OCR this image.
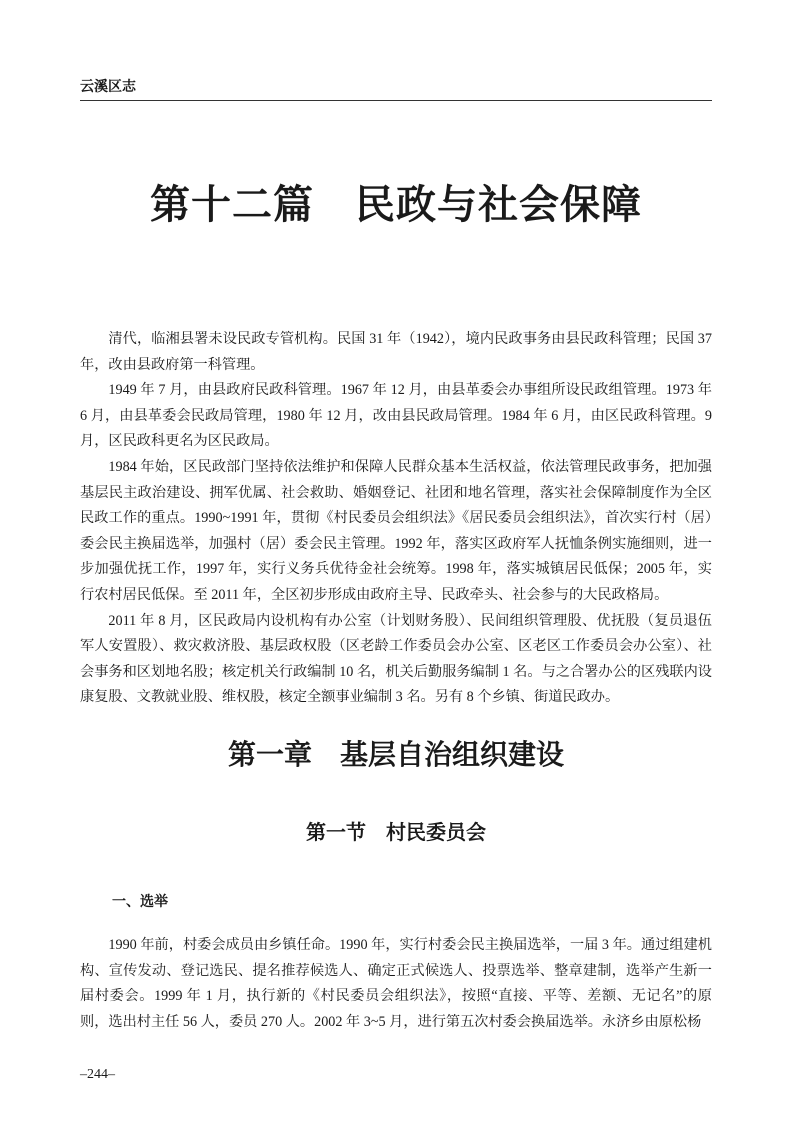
云溪区志
第十二篇　民政与社会保障

清代，临湘县署未设民政专管机构。民国 31 年（1942），境内民政事务由县民政科管理；民国 37 年，改由县政府第一科管理。

1949 年 7 月，由县政府民政科管理。1967 年 12 月，由县革委会办事组所设民政组管理。1973 年 6 月，由县革委会民政局管理，1980 年 12 月，改由县民政局管理。1984 年 6 月，由区民政科管理。9 月，区民政科更名为区民政局。

1984 年始，区民政部门坚持依法维护和保障人民群众基本生活权益，依法管理民政事务，把加强基层民主政治建设、拥军优属、社会救助、婚姻登记、社团和地名管理，落实社会保障制度作为全区民政工作的重点。1990~1991 年，贯彻《村民委员会组织法》《居民委员会组织法》，首次实行村（居）委会民主换届选举，加强村（居）委会民主管理。1992 年，落实区政府军人抚恤条例实施细则，进一步加强优抚工作，1997 年，实行义务兵优待金社会统筹。1998 年，落实城镇居民低保；2005 年，实行农村居民低保。至 2011 年，全区初步形成由政府主导、民政牵头、社会参与的大民政格局。

2011 年 8 月，区民政局内设机构有办公室（计划财务股）、民间组织管理股、优抚股（复员退伍军人安置股）、救灾救济股、基层政权股（区老龄工作委员会办公室、区老区工作委员会办公室）、社会事务和区划地名股；核定机关行政编制 10 名，机关后勤服务编制 1 名。与之合署办公的区残联内设康复股、文教就业股、维权股，核定全额事业编制 3 名。另有 8 个乡镇、街道民政办。

第一章　基层自治组织建设
第一节　村民委员会
一、选举

1990 年前，村委会成员由乡镇任命。1990 年，实行村委会民主换届选举，一届 3 年。通过组建机构、宣传发动、登记选民、提名推荐候选人、确定正式候选人、投票选举、整章建制，选举产生新一届村委会。1999 年 1 月，执行新的《村民委员会组织法》，按照“直接、平等、差额、无记名”的原则，选出村主任 56 人，委员 270 人。2002 年 3~5 月，进行第五次村委会换届选举。永济乡由原松杨

–244–
